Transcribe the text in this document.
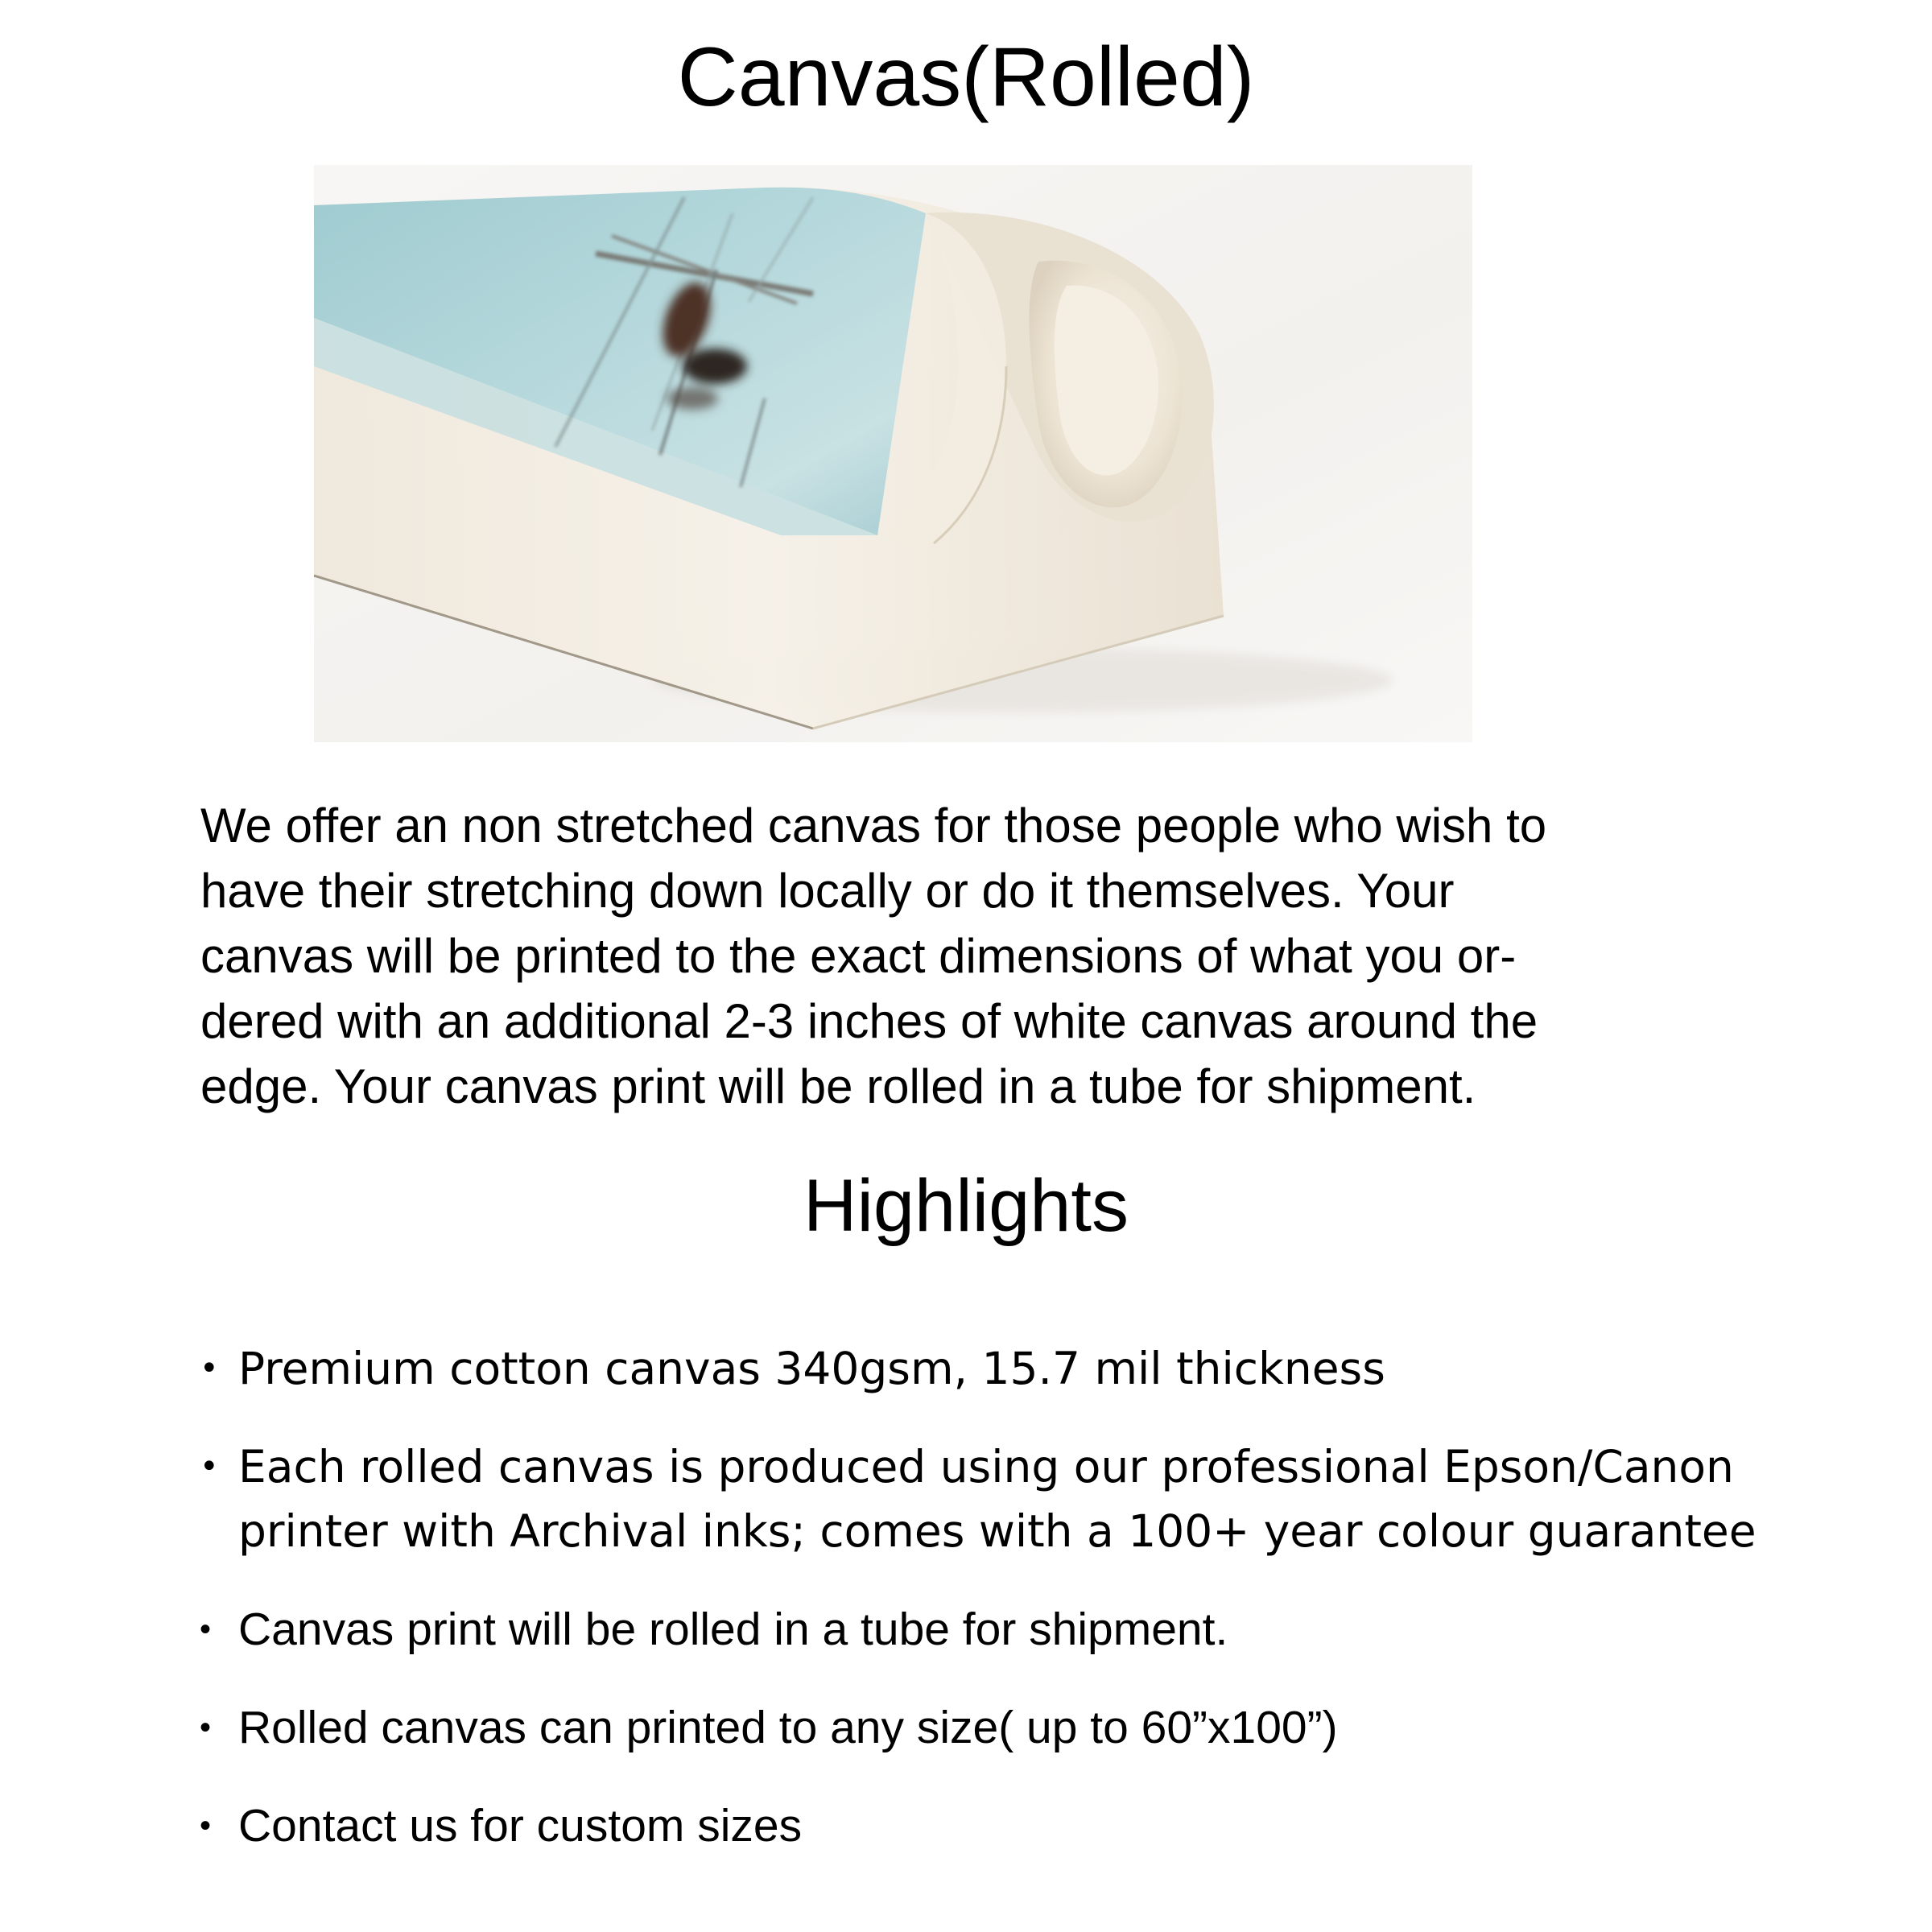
Canvas(Rolled)

We offer an non stretched canvas for those people who wish to
have their stretching down locally or do it themselves. Your
canvas will be printed to the exact dimensions of what you or-
dered with an additional 2-3 inches of white canvas around the
edge. Your canvas print will be rolled in a tube for shipment.

Highlights
• Premium cotton canvas 340gsm, 15.7 mil thickness
• Each rolled canvas is produced using our professional Epson/Canon
printer with Archival inks; comes with a 100+ year colour guarantee
• Canvas print will be rolled in a tube for shipment.
• Rolled canvas can printed to any size( up to 60”x100”)
• Contact us for custom sizes
